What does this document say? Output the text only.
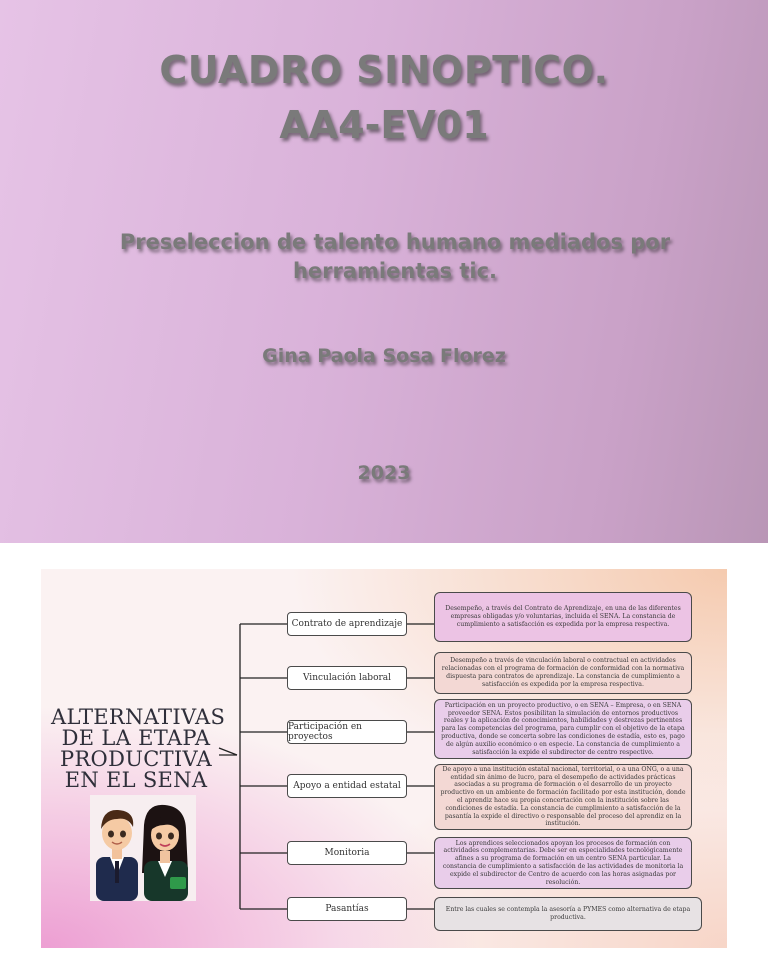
CUADRO SINOPTICO.
AA4-EV01
Preseleccion de talento humano mediados por herramientas tic.
Gina Paola Sosa Florez
2023
ALTERNATIVAS DE LA ETAPA PRODUCTIVA EN EL SENA
Contrato de aprendizaje
Vinculación laboral
Participación en proyectos
Apoyo a entidad estatal
Monitoria
Pasantías
Desempeño, a través del Contrato de Aprendizaje, en una de las diferentes empresas obligadas y/o voluntarias, incluida el SENA. La constancia de cumplimiento a satisfacción es expedida por la empresa respectiva.
Desempeño a través de vinculación laboral o contractual en actividades relacionadas con el programa de formación de conformidad con la normativa dispuesta para contratos de aprendizaje. La constancia de cumplimiento a satisfacción es expedida por la empresa respectiva.
Participación en un proyecto productivo, o en SENA – Empresa, o en SENA proveedor SENA. Estos posibilitan la simulación de entornos productivos reales y la aplicación de conocimientos, habilidades y destrezas pertinentes para las competencias del programa, para cumplir con el objetivo de la etapa productiva, donde se concerta sobre las condiciones de estadía, esto es, pago de algún auxilio económico o en especie. La constancia de cumplimiento a satisfacción la expide el subdirector de centro respectivo.
De apoyo a una institución estatal nacional, territorial, o a una ONG, o a una entidad sin ánimo de lucro, para el desempeño de actividades prácticas asociadas a su programa de formación o el desarrollo de un proyecto productivo en un ambiente de formación facilitado por esta institución, donde el aprendiz hace su propia concertación con la institución sobre las condiciones de estadía. La constancia de cumplimiento a satisfacción de la pasantía la expide el directivo o responsable del proceso del aprendiz en la institución.
Los aprendices seleccionados apoyan los procesos de formación con actividades complementarias. Debe ser en especialidades tecnológicamente afines a su programa de formación en un centro SENA particular. La constancia de cumplimiento a satisfacción de las actividades de monitoria la expide el subdirector de Centro de acuerdo con las horas asignadas por resolución.
Entre las cuales se contempla la asesoría a PYMES como alternativa de etapa productiva.
